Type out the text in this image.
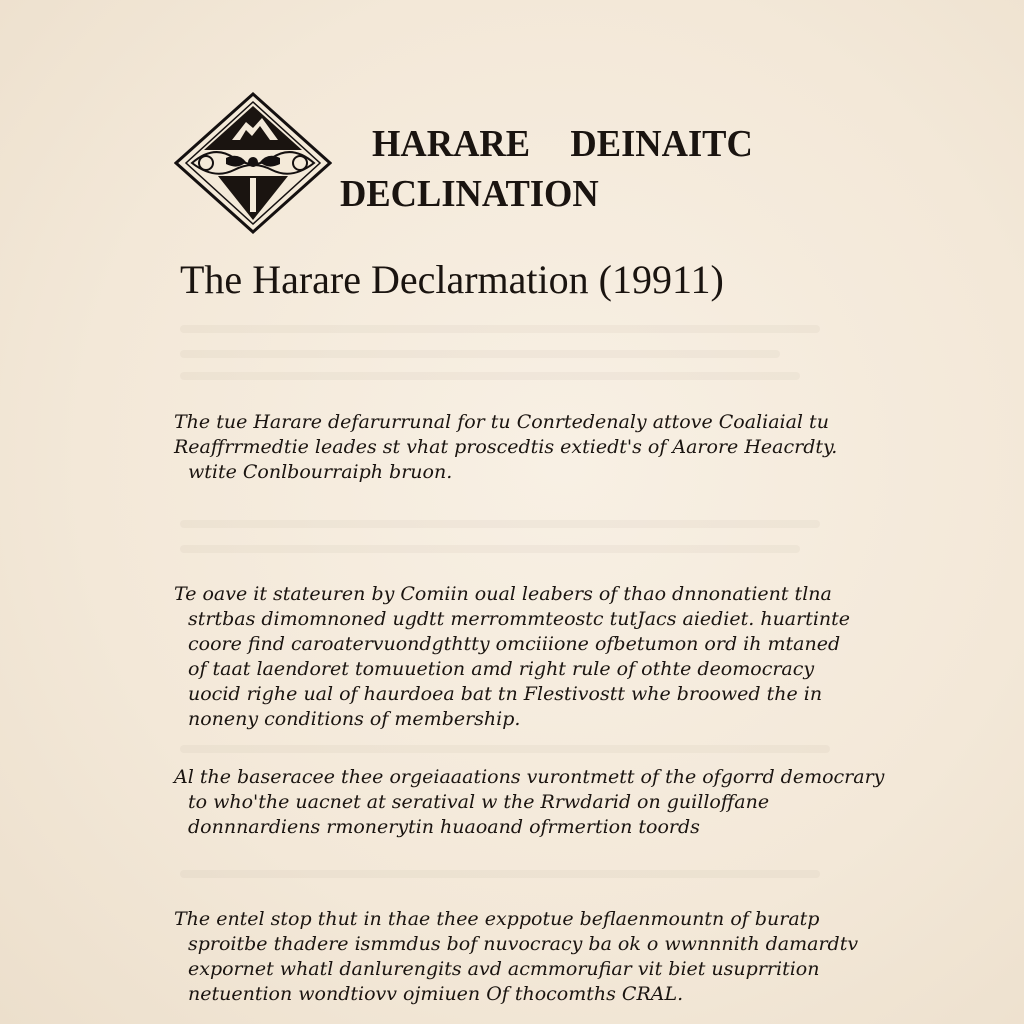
HARARE DEINAITC
DECLINATION
The Harare Declarmation (19911)
The tue Harare defarurrunal for tu Conrtedenaly attove Coaliaial tu
Reaffrrmedtie leades st vhat proscedtis extiedt's of Aarore Heacrdty.
wtite Conlbourraiph bruon.
Te oave it stateuren by Comiin oual leabers of thao dnnonatient tlna
strtbas dimomnoned ugdtt merrommteostc tutJacs aiediet. huartinte
coore find caroatervuondgthtty omciiione ofbetumon ord ih mtaned
of taat laendoret tomuuetion amd right rule of othte deomocracy
uocid righe ual of haurdoea bat tn Flestivostt whe broowed the in
noneny conditions of membership.
Al the baseracee thee orgeiaaations vurontmett of the ofgorrd democrary
to who'the uacnet at seratival w the Rrwdarid on guilloffane
donnnardiens rmonerytin huaoand ofrmertion toords
The entel stop thut in thae thee exppotue beflaenmountn of buratp
sproitbe thadere ismmdus bof nuvocracy ba ok o wwnnnith damardtv
expornet whatl danlurengits avd acmmorufiar vit biet usuprrition
netuention wondtiovv ojmiuen Of thocomths CRAL.
